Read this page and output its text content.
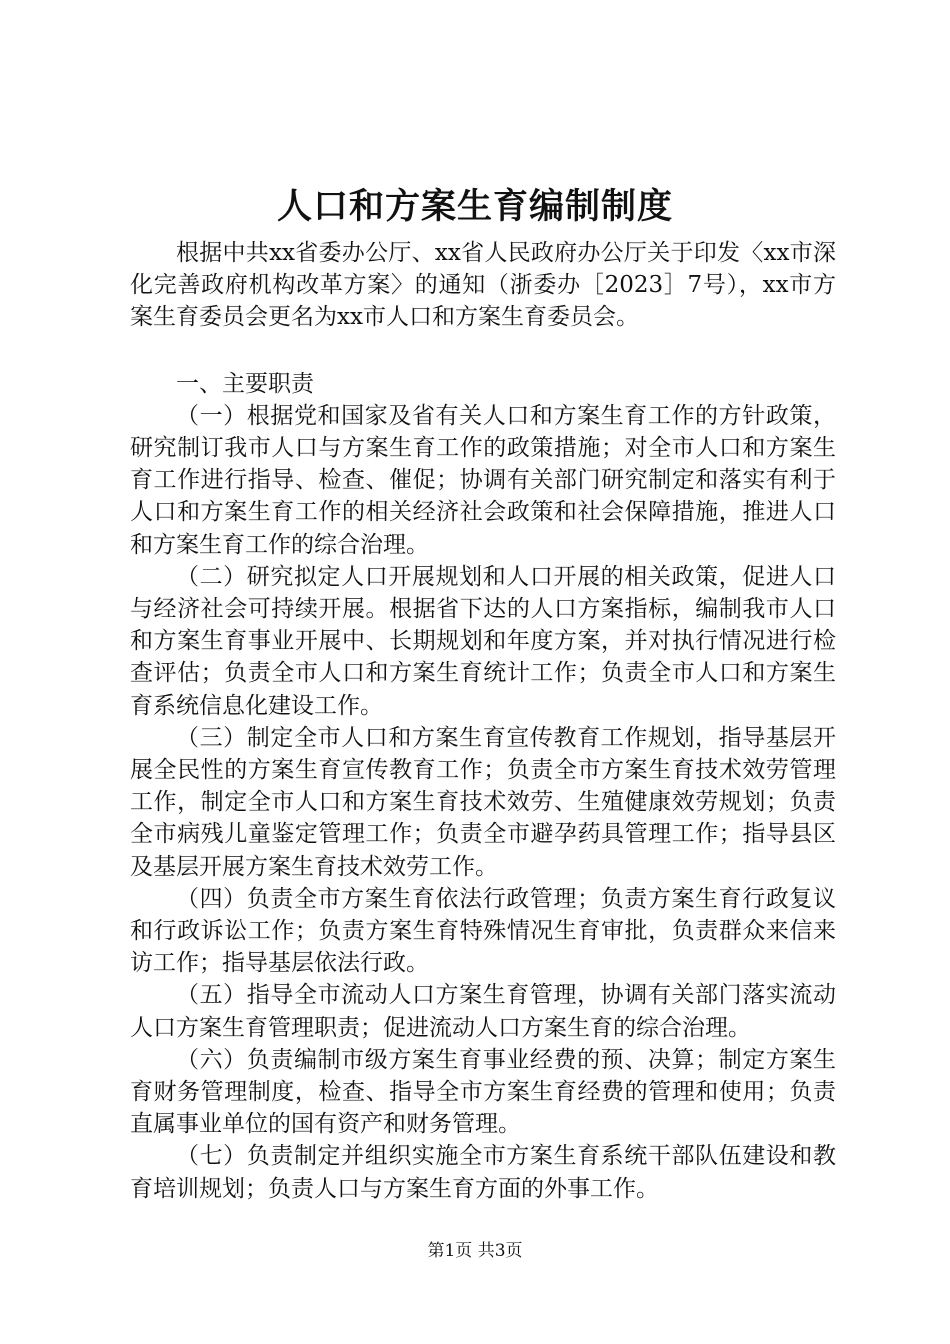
人口和方案生育编制制度

根据中共xx省委办公厅、xx省人民政府办公厅关于印发〈xx市深化完善政府机构改革方案〉的通知（浙委办［2023］7号），xx市方案生育委员会更名为xx市人口和方案生育委员会。

一、主要职责

（一）根据党和国家及省有关人口和方案生育工作的方针政策，研究制订我市人口与方案生育工作的政策措施；对全市人口和方案生育工作进行指导、检查、催促；协调有关部门研究制定和落实有利于人口和方案生育工作的相关经济社会政策和社会保障措施，推进人口和方案生育工作的综合治理。

（二）研究拟定人口开展规划和人口开展的相关政策，促进人口与经济社会可持续开展。根据省下达的人口方案指标，编制我市人口和方案生育事业开展中、长期规划和年度方案，并对执行情况进行检查评估；负责全市人口和方案生育统计工作；负责全市人口和方案生育系统信息化建设工作。

（三）制定全市人口和方案生育宣传教育工作规划，指导基层开展全民性的方案生育宣传教育工作；负责全市方案生育技术效劳管理工作，制定全市人口和方案生育技术效劳、生殖健康效劳规划；负责全市病残儿童鉴定管理工作；负责全市避孕药具管理工作；指导县区及基层开展方案生育技术效劳工作。

（四）负责全市方案生育依法行政管理；负责方案生育行政复议和行政诉讼工作；负责方案生育特殊情况生育审批，负责群众来信来访工作；指导基层依法行政。

（五）指导全市流动人口方案生育管理，协调有关部门落实流动人口方案生育管理职责；促进流动人口方案生育的综合治理。

（六）负责编制市级方案生育事业经费的预、决算；制定方案生育财务管理制度，检查、指导全市方案生育经费的管理和使用；负责直属事业单位的国有资产和财务管理。

（七）负责制定并组织实施全市方案生育系统干部队伍建设和教育培训规划；负责人口与方案生育方面的外事工作。

第1页 共3页
